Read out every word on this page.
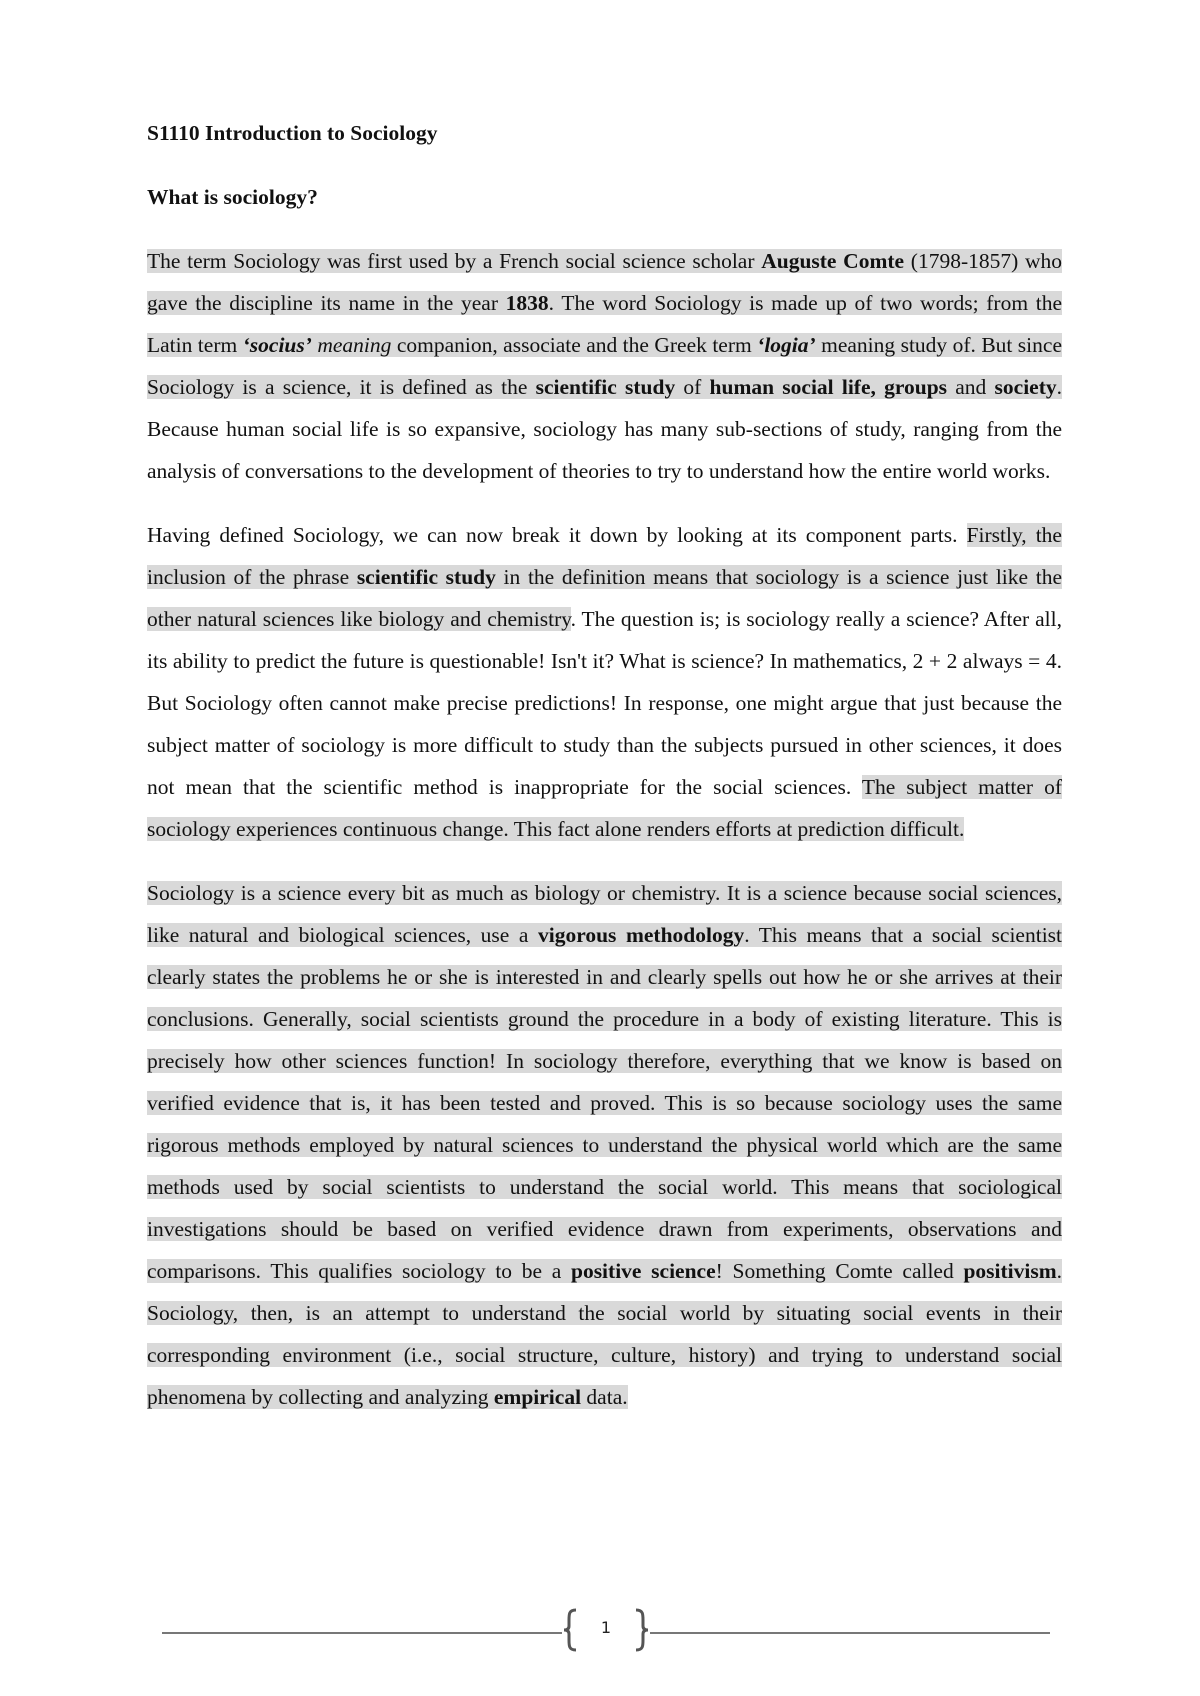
S1110 Introduction to Sociology
What is sociology?

The term Sociology was first used by a French social science scholar Auguste Comte (1798-1857) who gave the discipline its name in the year 1838. The word Sociology is made up of two words; from the Latin term ‘socius’ meaning companion, associate and the Greek term ‘logia’ meaning study of. But since Sociology is a science, it is defined as the scientific study of human social life, groups and society. Because human social life is so expansive, sociology has many sub-sections of study, ranging from the analysis of conversations to the development of theories to try to understand how the entire world works.

Having defined Sociology, we can now break it down by looking at its component parts. Firstly, the inclusion of the phrase scientific study in the definition means that sociology is a science just like the other natural sciences like biology and chemistry. The question is; is sociology really a science? After all, its ability to predict the future is questionable! Isn't it? What is science? In mathematics, 2 + 2 always = 4. But Sociology often cannot make precise predictions! In response, one might argue that just because the subject matter of sociology is more difficult to study than the subjects pursued in other sciences, it does not mean that the scientific method is inappropriate for the social sciences. The subject matter of sociology experiences continuous change. This fact alone renders efforts at prediction difficult.

Sociology is a science every bit as much as biology or chemistry. It is a science because social sciences, like natural and biological sciences, use a vigorous methodology. This means that a social scientist clearly states the problems he or she is interested in and clearly spells out how he or she arrives at their conclusions. Generally, social scientists ground the procedure in a body of existing literature. This is precisely how other sciences function! In sociology therefore, everything that we know is based on verified evidence that is, it has been tested and proved. This is so because sociology uses the same rigorous methods employed by natural sciences to understand the physical world which are the same methods used by social scientists to understand the social world. This means that sociological investigations should be based on verified evidence drawn from experiments, observations and comparisons. This qualifies sociology to be a positive science! Something Comte called positivism. Sociology, then, is an attempt to understand the social world by situating social events in their corresponding environment (i.e., social structure, culture, history) and trying to understand social phenomena by collecting and analyzing empirical data.

1
